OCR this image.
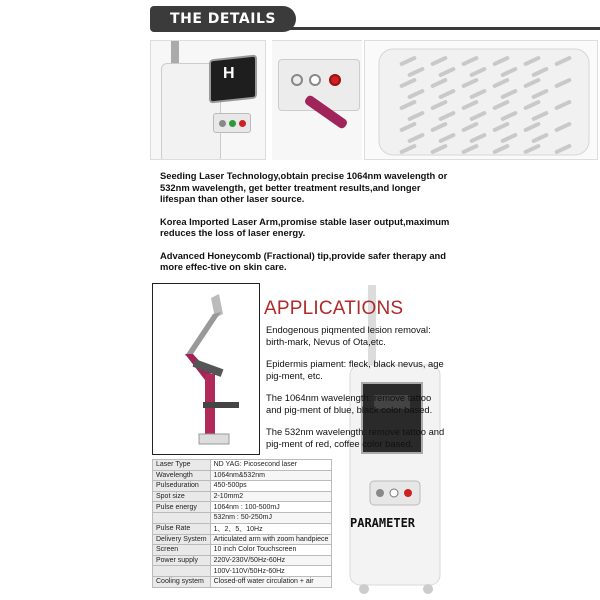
THE DETAILS
H

Seeding Laser Technology,obtain precise 1064nm wavelength or 532nm wavelength, get better treatment results,and longer lifespan than other laser source.

Korea Imported Laser Arm,promise stable laser output,maximum reduces the loss of laser energy.

Advanced Honeycomb (Fractional) tip,provide safer therapy and more effec-tive on skin care.

APPLICATIONS

Endogenous piqmented lesion removal: birth-mark, Nevus of Ota,etc.

Epidermis piament: fleck, black nevus, age pig-ment, etc.

The 1064nm wavelength: remove tattoo and pig-ment of blue, black color based.

The 532nm wavelength: remove tattoo and pig-ment of red, coffee color based.

Laser Type	ND YAG: Picosecond laser
Wavelength	1064nm&532nm
Pulseduration	450-500ps
Spot size	2-10mm2
Pulse energy	1064nm : 100-500mJ
	532nm : 50-250mJ
Pulse Rate	1、2、5、10Hz
Delivery System	Articulated arm with zoom handpiece
Screen	10 inch Color Touchscreen
Power supply	220V-230V/50Hz-60Hz
	100V-110V/50Hz-60Hz
Cooling system	Closed-off water circulation + air
PARAMETER
